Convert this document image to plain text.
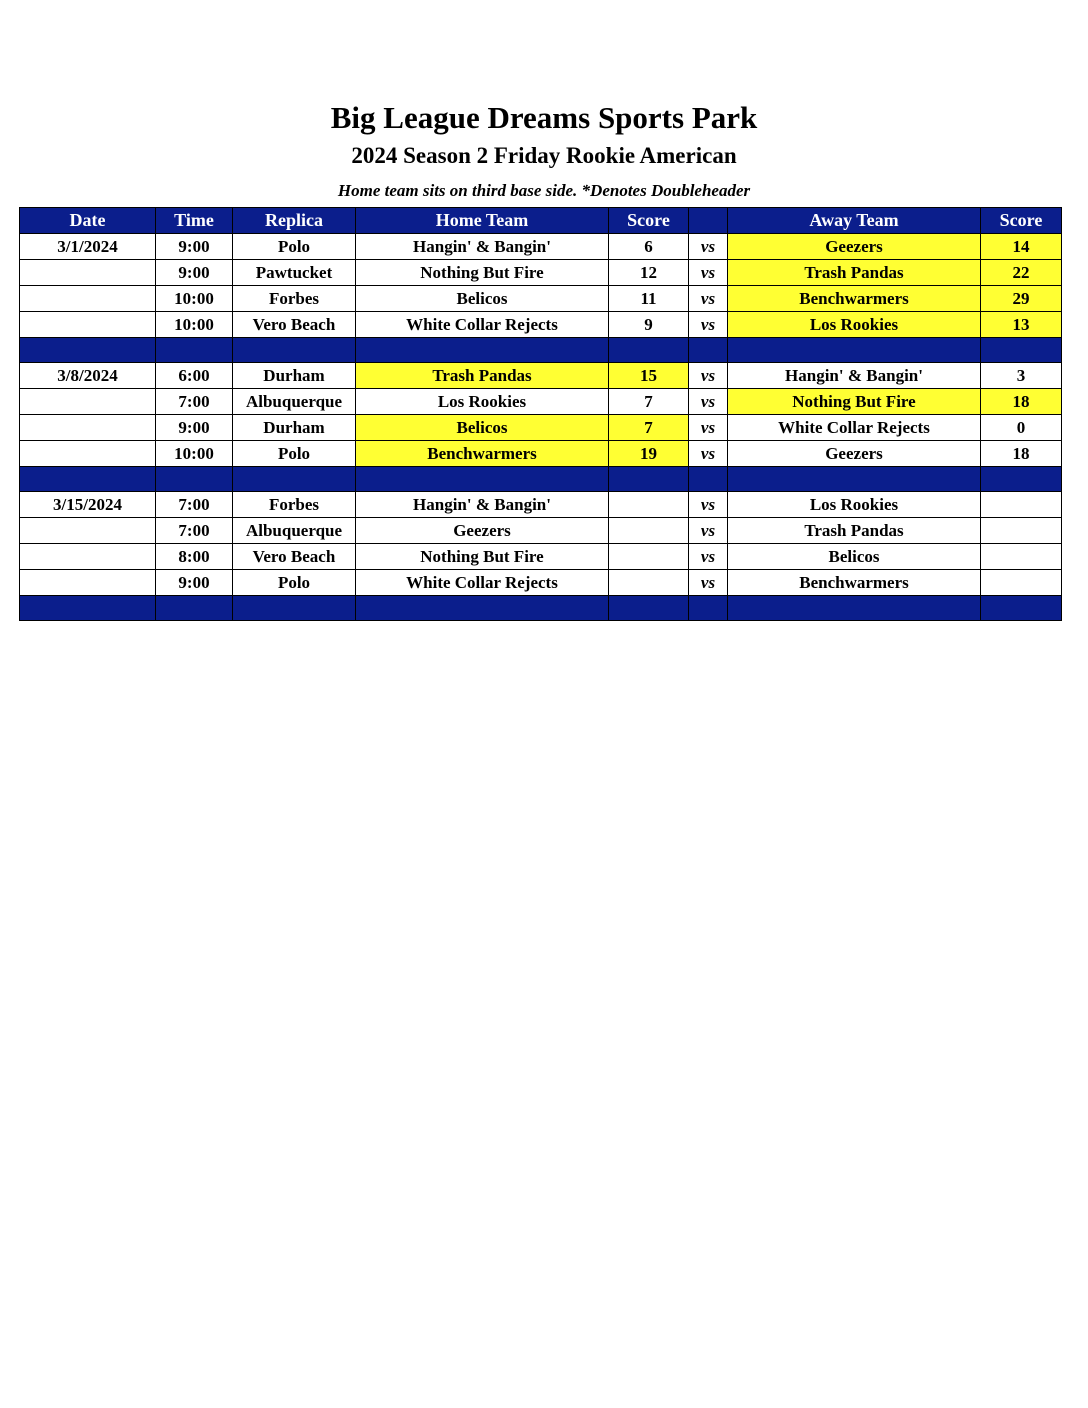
Big League Dreams Sports Park
2024 Season 2 Friday Rookie American
Home team sits on third base side. *Denotes Doubleheader
Date	Time	Replica	Home Team	Score		Away Team	Score
3/1/2024	9:00	Polo	Hangin' & Bangin'	6	vs	Geezers	14
	9:00	Pawtucket	Nothing But Fire	12	vs	Trash Pandas	22
	10:00	Forbes	Belicos	11	vs	Benchwarmers	29
	10:00	Vero Beach	White Collar Rejects	9	vs	Los Rookies	13

3/8/2024	6:00	Durham	Trash Pandas	15	vs	Hangin' & Bangin'	3
	7:00	Albuquerque	Los Rookies	7	vs	Nothing But Fire	18
	9:00	Durham	Belicos	7	vs	White Collar Rejects	0
	10:00	Polo	Benchwarmers	19	vs	Geezers	18

3/15/2024	7:00	Forbes	Hangin' & Bangin'		vs	Los Rookies	
	7:00	Albuquerque	Geezers		vs	Trash Pandas	
	8:00	Vero Beach	Nothing But Fire		vs	Belicos	
	9:00	Polo	White Collar Rejects		vs	Benchwarmers	
